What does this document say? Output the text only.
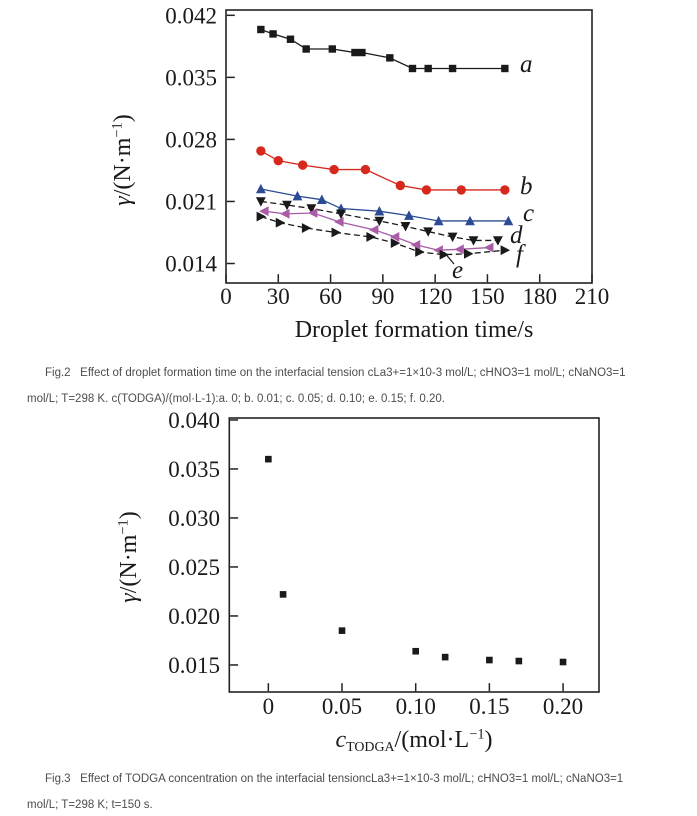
0 30 60 90 120 150 180 210
0.042
0.035
0.028
0.021
0.014
a
b
c
d
e
f
Droplet formation time/s
$\gamma/(N\cdot m^{-1})$
0 0.05 0.10 0.15 0.20
0.040
0.035
0.030
0.025
0.020
0.015
cTODGA/$(mol\cdot L^{-1})$
$\gamma/(N\cdot m^{-1})$
Fig.2   Effect of droplet formation time on the interfacial tension cLa3+=1×10-3 mol/L; cHNO3=1 mol/L; cNaNO3=1
mol/L; T=298 K. c(TODGA)/(mol·L-1):a. 0; b. 0.01; c. 0.05; d. 0.10; e. 0.15; f. 0.20.
Fig.3   Effect of TODGA concentration on the interfacial tensioncLa3+=1×10-3 mol/L; cHNO3=1 mol/L; cNaNO3=1
mol/L; T=298 K; t=150 s.
